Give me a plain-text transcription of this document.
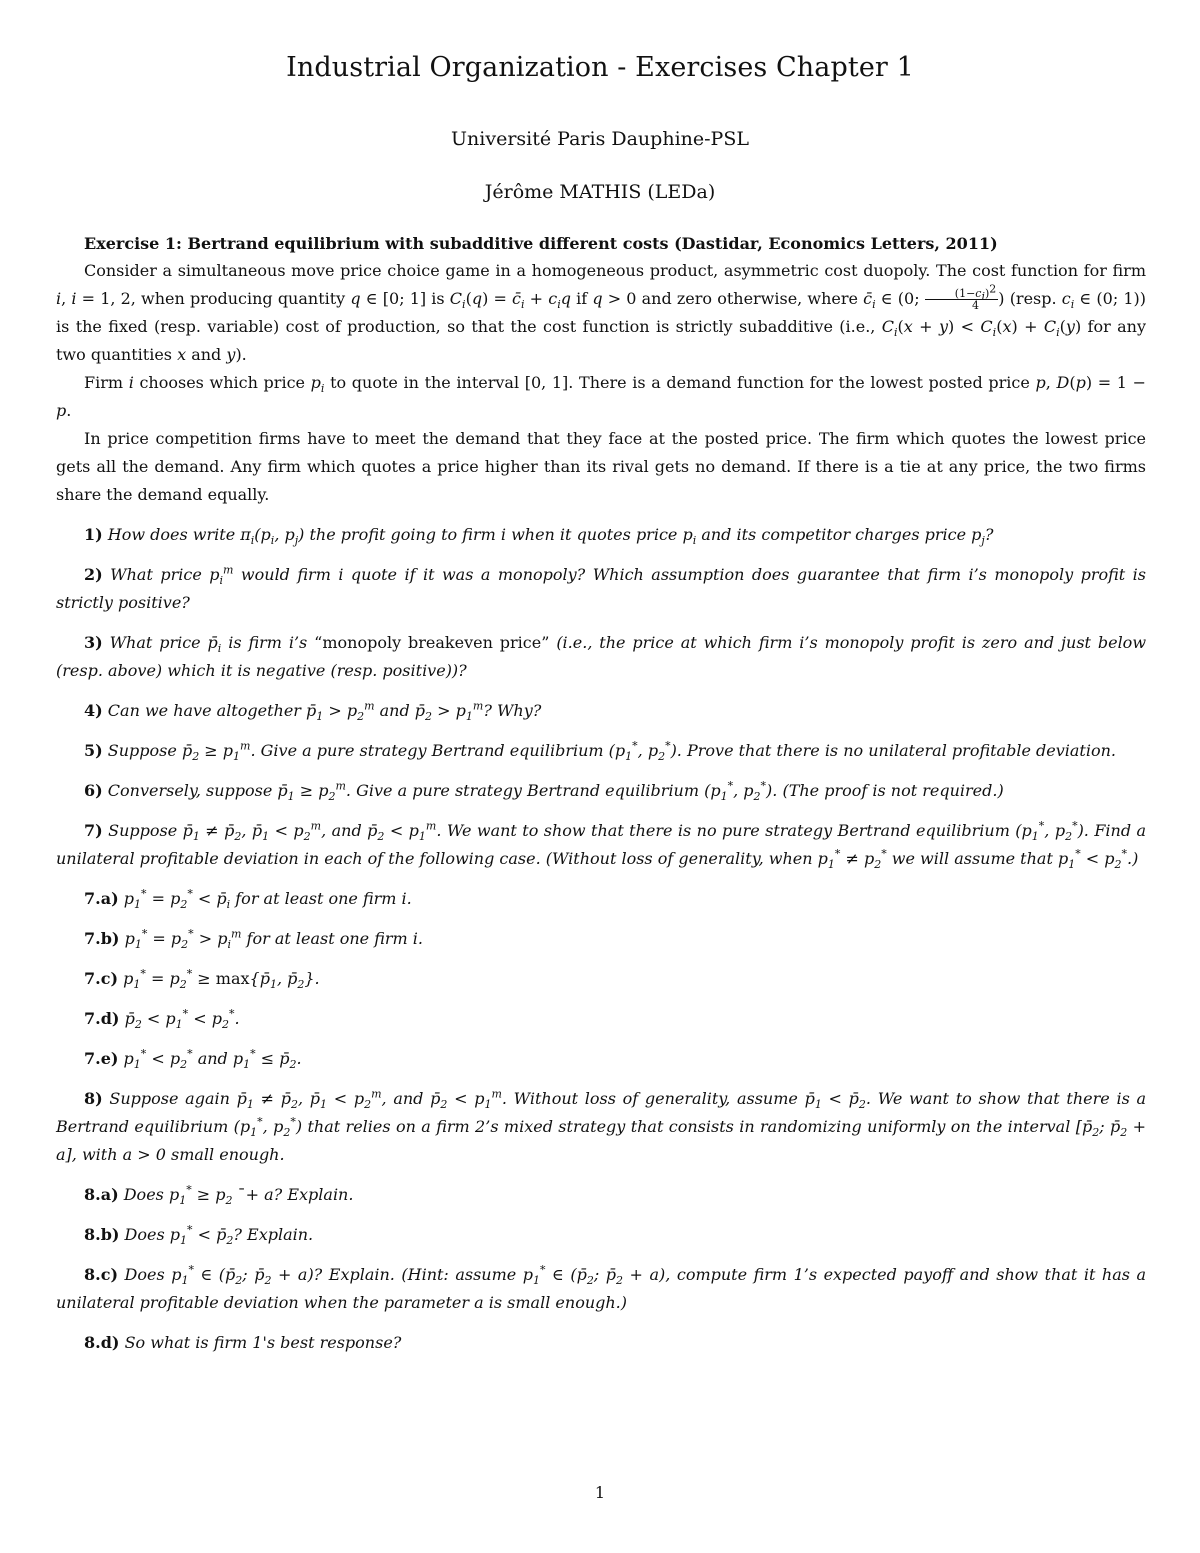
Industrial Organization - Exercises Chapter 1
Université Paris Dauphine-PSL
Jérôme MATHIS (LEDa)

Exercise 1: Bertrand equilibrium with subadditive different costs (Dastidar, Economics Letters, 2011)

Consider a simultaneous move price choice game in a homogeneous product, asymmetric cost duopoly. The cost function for firm i, i = 1, 2, when producing quantity q ∈ [0; 1] is $C_i(q)$ = $c̄_i + c_iq$ if q > 0 and zero otherwise, where $c̄_i$ ∈ (0; $\frac{(1-c_i)^2}{4}$ ) (resp. $c_i$ ∈ (0; 1)) is the fixed (resp. variable) cost of production, so that the cost function is strictly subadditive (i.e., $C_i(x + y) < C_i(x) + C_i(y)$ for any two quantities x and y).

Firm i chooses which price $p_i$ to quote in the interval [0, 1]. There is a demand function for the lowest posted price p, D(p) = 1 − p.

In price competition firms have to meet the demand that they face at the posted price. The firm which quotes the lowest price gets all the demand. Any firm which quotes a price higher than its rival gets no demand. If there is a tie at any price, the two firms share the demand equally.

1) How does write $\pi_i(p_i$, $p_j$) the profit going to firm i when it quotes price $p_i$ and its competitor charges price $p_j$?

2) What price $p_i^m$ would firm i quote if it was a monopoly? Which assumption does guarantee that firm i’s monopoly profit is strictly positive?

3) What price $p̄_i$ is firm i’s “monopoly breakeven price” (i.e., the price at which firm i’s monopoly profit is zero and just below (resp. above) which it is negative (resp. positive))?

4) Can we have altogether $p̄_1 > p_2^m$ and $p̄_2 > p_1^m$? Why?

5) Suppose $p̄_2 \ge p_1^m$. Give a pure strategy Bertrand equilibrium ($p_1^*$, $p_2^*$). Prove that there is no unilateral profitable deviation.

6) Conversely, suppose $p̄_1 \ge p_2^m$. Give a pure strategy Bertrand equilibrium ($p_1^*$, $p_2^*$). (The proof is not required.)

7) Suppose $p̄_1$ ≠ $p̄_2$, $p̄_1 < p_2^m$, and $p̄_2 < p_1^m$. We want to show that there is no pure strategy Bertrand equilibrium ($p_1^*$, $p_2^*$). Find a unilateral profitable deviation in each of the following case. (Without loss of generality, when $p_1^* \ne p_2^*$ we will assume that $p_1^* < p_2^*$.)

7.a) $p_1^* = p_2^*$ < $p̄_i$ for at least one firm i.

7.b) $p_1^* = p_2^* > p_i^m$ for at least one firm i.

7.c) $p_1^* = p_2^*$ ≥ $\max\{p̄_1$, $p̄_2$}.

7.d) $p̄_2 < p_1^* < p_2^*$.

7.e) $p_1^* < p_2^*$ and $p_1^*$ ≤ $p̄_2$.

8) Suppose again $p̄_1$ ≠ $p̄_2$, $p̄_1 < p_2^m$, and $p̄_2 < p_1^m$. Without loss of generality, assume $p̄_1$ < $p̄_2$. We want to show that there is a Bertrand equilibrium ($p_1^*$, $p_2^*$) that relies on a firm 2’s mixed strategy that consists in randomizing uniformly on the interval [$p̄_2$; $p̄_2 + a$], with a > 0 small enough.

8.a) Does $p_1^* \ge p_2$ ¯+ a? Explain.

8.b) Does $p_1^*$ < $p̄_2$? Explain.

8.c) Does $p_1^*$ ∈ ($p̄_2$; $p̄_2 + a$)? Explain. (Hint: assume $p_1^*$ ∈ ($p̄_2$; $p̄_2 + a$), compute firm 1’s expected payoff and show that it has a unilateral profitable deviation when the parameter a is small enough.)

8.d) So what is firm 1's best response?

1
